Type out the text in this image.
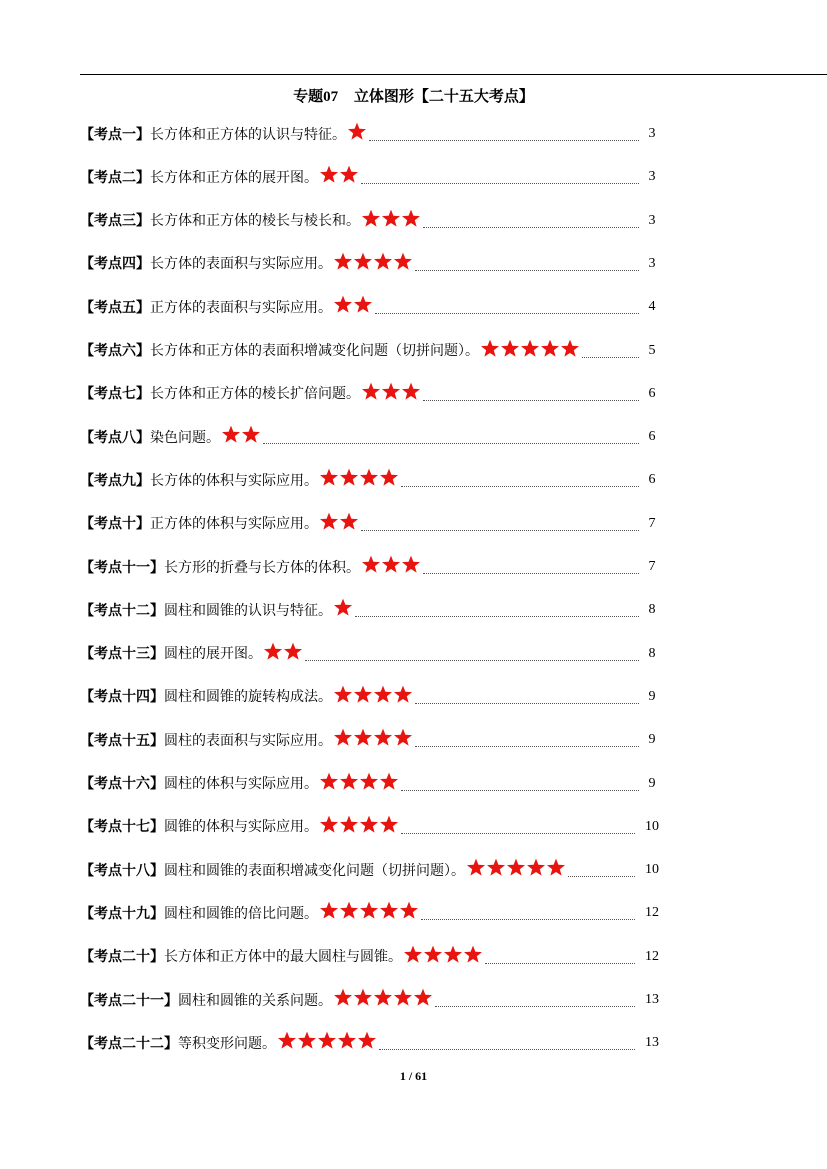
专题07 立体图形【二十五大考点】
【考点一】 长方体和正方体的认识与特征。	3
【考点二】 长方体和正方体的展开图。	3
【考点三】 长方体和正方体的棱长与棱长和。	3
【考点四】 长方体的表面积与实际应用。	3
【考点五】 正方体的表面积与实际应用。	4
【考点六】 长方体和正方体的表面积增减变化问题（切拼问题）。	5
【考点七】 长方体和正方体的棱长扩倍问题。	6
【考点八】 染色问题。	6
【考点九】 长方体的体积与实际应用。	6
【考点十】 正方体的体积与实际应用。	7
【考点十一】 长方形的折叠与长方体的体积。	7
【考点十二】 圆柱和圆锥的认识与特征。	8
【考点十三】 圆柱的展开图。	8
【考点十四】 圆柱和圆锥的旋转构成法。	9
【考点十五】 圆柱的表面积与实际应用。	9
【考点十六】 圆柱的体积与实际应用。	9
【考点十七】 圆锥的体积与实际应用。	10
【考点十八】 圆柱和圆锥的表面积增减变化问题（切拼问题）。	10
【考点十九】 圆柱和圆锥的倍比问题。	12
【考点二十】 长方体和正方体中的最大圆柱与圆锥。	12
【考点二十一】 圆柱和圆锥的关系问题。	13
【考点二十二】 等积变形问题。	13
1 / 61
